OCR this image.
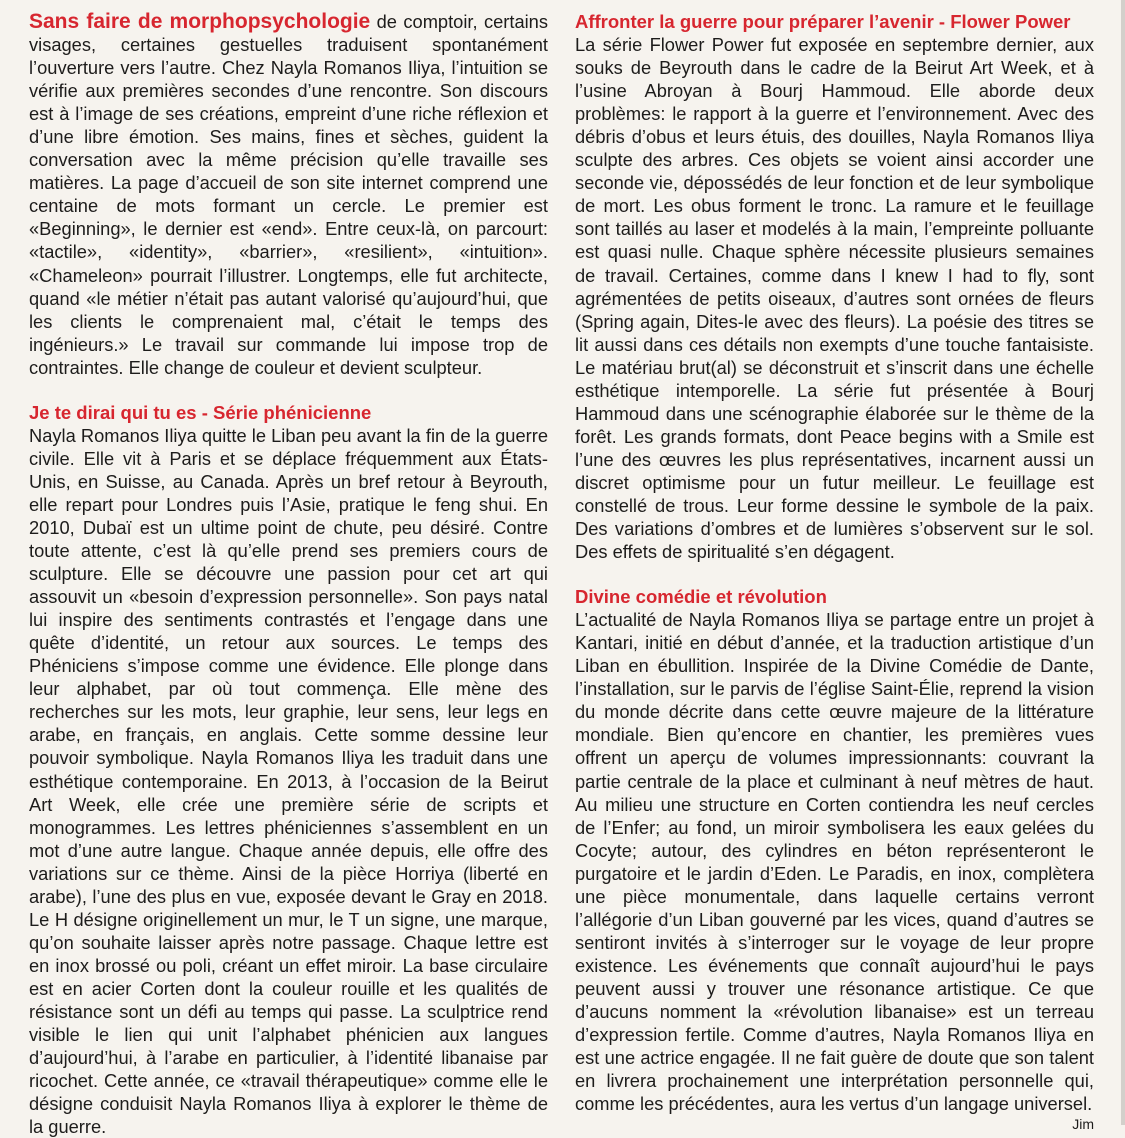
Sans faire de morphopsychologie de comptoir, certains visages, certaines gestuelles traduisent spontanément l’ouverture vers l’autre. Chez Nayla Romanos Iliya, l’intuition se vérifie aux premières secondes d’une rencontre. Son discours est à l’image de ses créations, empreint d’une riche réflexion et d’une libre émotion. Ses mains, fines et sèches, guident la conversation avec la même précision qu’elle travaille ses matières. La page d’accueil de son site internet comprend une centaine de mots formant un cercle. Le premier est «Beginning», le dernier est «end». Entre ceux-là, on parcourt: «tactile», «identity», «barrier», «resilient», «intuition». «Chameleon» pourrait l’illustrer. Longtemps, elle fut architecte, quand «le métier n’était pas autant valorisé qu’aujourd’hui, que les clients le comprenaient mal, c’était le temps des ingénieurs.» Le travail sur commande lui impose trop de contraintes. Elle change de couleur et devient sculpteur.

Je te dirai qui tu es - Série phénicienne

Nayla Romanos Iliya quitte le Liban peu avant la fin de la guerre civile. Elle vit à Paris et se déplace fréquemment aux États-Unis, en Suisse, au Canada. Après un bref retour à Beyrouth, elle repart pour Londres puis l’Asie, pratique le feng shui. En 2010, Dubaï est un ultime point de chute, peu désiré. Contre toute attente, c’est là qu’elle prend ses premiers cours de sculpture. Elle se découvre une passion pour cet art qui assouvit un «besoin d’expression personnelle». Son pays natal lui inspire des sentiments contrastés et l’engage dans une quête d’identité, un retour aux sources. Le temps des Phéniciens s’impose comme une évidence. Elle plonge dans leur alphabet, par où tout commença. Elle mène des recherches sur les mots, leur graphie, leur sens, leur legs en arabe, en français, en anglais. Cette somme dessine leur pouvoir symbolique. Nayla Romanos Iliya les traduit dans une esthétique contemporaine. En 2013, à l’occasion de la Beirut Art Week, elle crée une première série de scripts et monogrammes. Les lettres phéniciennes s’assemblent en un mot d’une autre langue. Chaque année depuis, elle offre des variations sur ce thème. Ainsi de la pièce Horriya (liberté en arabe), l’une des plus en vue, exposée devant le Gray en 2018. Le H désigne originellement un mur, le T un signe, une marque, qu’on souhaite laisser après notre passage. Chaque lettre est en inox brossé ou poli, créant un effet miroir. La base circulaire est en acier Corten dont la couleur rouille et les qualités de résistance sont un défi au temps qui passe. La sculptrice rend visible le lien qui unit l’alphabet phénicien aux langues d’aujourd’hui, à l’arabe en particulier, à l’identité libanaise par ricochet. Cette année, ce «travail thérapeutique» comme elle le désigne conduisit Nayla Romanos Iliya à explorer le thème de la guerre.

Affronter la guerre pour préparer l’avenir - Flower Power

La série Flower Power fut exposée en septembre dernier, aux souks de Beyrouth dans le cadre de la Beirut Art Week, et à l’usine Abroyan à Bourj Hammoud. Elle aborde deux problèmes: le rapport à la guerre et l’environnement. Avec des débris d’obus et leurs étuis, des douilles, Nayla Romanos Iliya sculpte des arbres. Ces objets se voient ainsi accorder une seconde vie, dépossédés de leur fonction et de leur symbolique de mort. Les obus forment le tronc. La ramure et le feuillage sont taillés au laser et modelés à la main, l’empreinte polluante est quasi nulle. Chaque sphère nécessite plusieurs semaines de travail. Certaines, comme dans I knew I had to fly, sont agrémentées de petits oiseaux, d’autres sont ornées de fleurs (Spring again, Dites-le avec des fleurs). La poésie des titres se lit aussi dans ces détails non exempts d’une touche fantaisiste. Le matériau brut(al) se déconstruit et s’inscrit dans une échelle esthétique intemporelle. La série fut présentée à Bourj Hammoud dans une scénographie élaborée sur le thème de la forêt. Les grands formats, dont Peace begins with a Smile est l’une des œuvres les plus représentatives, incarnent aussi un discret optimisme pour un futur meilleur. Le feuillage est constellé de trous. Leur forme dessine le symbole de la paix. Des variations d’ombres et de lumières s’observent sur le sol. Des effets de spiritualité s’en dégagent.

Divine comédie et révolution

L’actualité de Nayla Romanos Iliya se partage entre un projet à Kantari, initié en début d’année, et la traduction artistique d’un Liban en ébullition. Inspirée de la Divine Comédie de Dante, l’installation, sur le parvis de l’église Saint-Élie, reprend la vision du monde décrite dans cette œuvre majeure de la littérature mondiale. Bien qu’encore en chantier, les premières vues offrent un aperçu de volumes impressionnants: couvrant la partie centrale de la place et culminant à neuf mètres de haut. Au milieu une structure en Corten contiendra les neuf cercles de l’Enfer; au fond, un miroir symbolisera les eaux gelées du Cocyte; autour, des cylindres en béton représenteront le purgatoire et le jardin d’Eden. Le Paradis, en inox, complètera une pièce monumentale, dans laquelle certains verront l’allégorie d’un Liban gouverné par les vices, quand d’autres se sentiront invités à s’interroger sur le voyage de leur propre existence. Les événements que connaît aujourd’hui le pays peuvent aussi y trouver une résonance artistique. Ce que d’aucuns nomment la «révolution libanaise» est un terreau d’expression fertile. Comme d’autres, Nayla Romanos Iliya en est une actrice engagée. Il ne fait guère de doute que son talent en livrera prochainement une interprétation personnelle qui, comme les précédentes, aura les vertus d’un langage universel.

Jim
